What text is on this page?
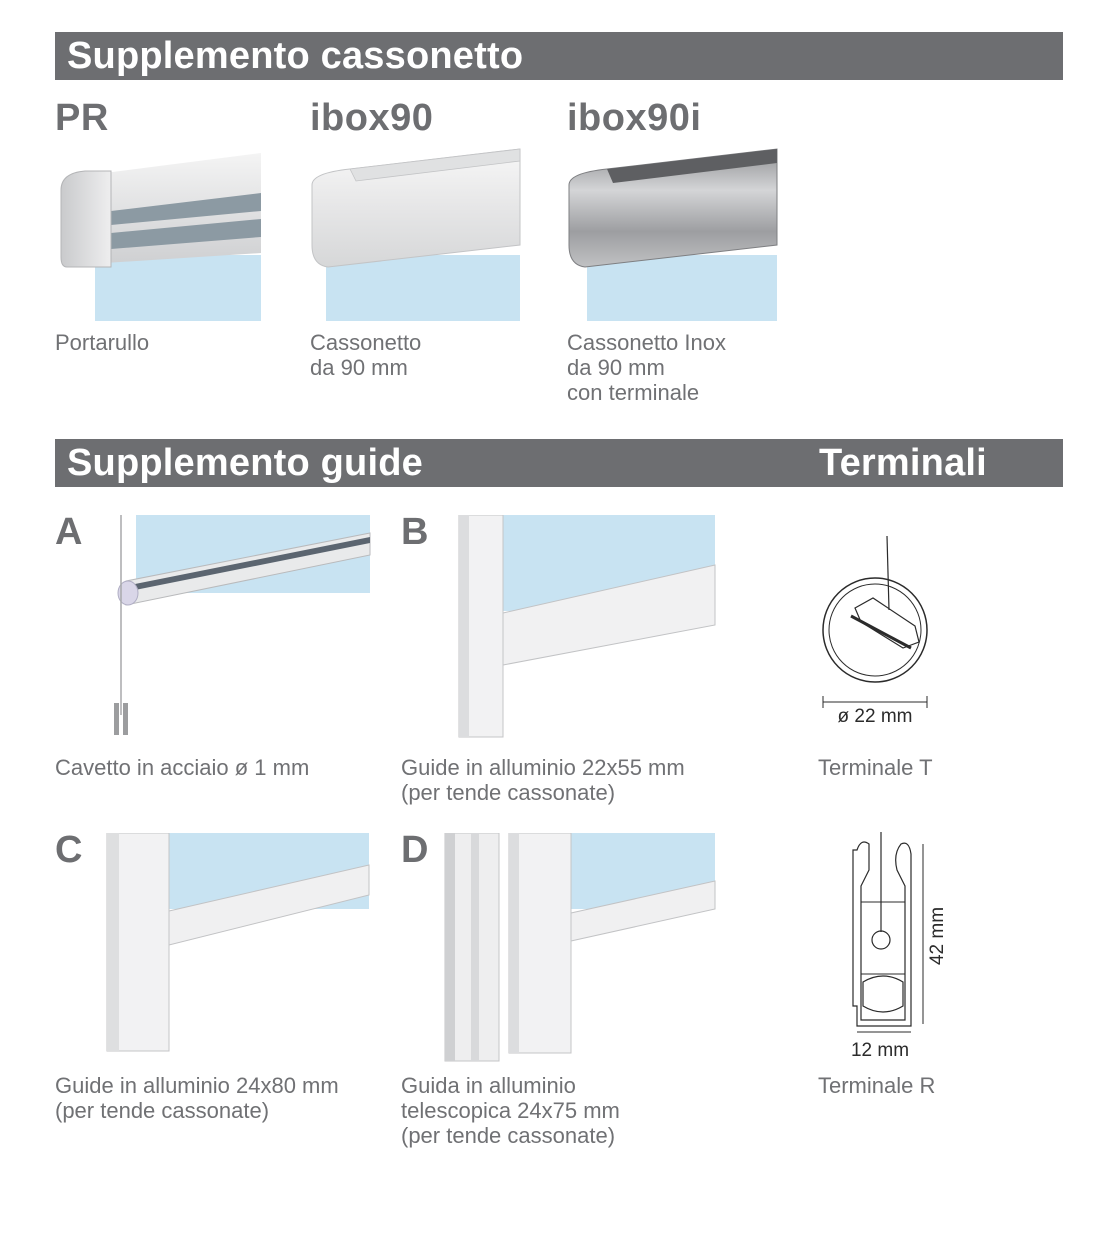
Supplemento cassonetto
PR	ibox90	ibox90i
Portarullo	Cassonetto
da 90 mm
Cassonetto Inox
da 90 mm
con terminale
Supplemento guide	Terminali
A	B
Cavetto in acciaio ø 1 mm	Guide in alluminio 22x55 mm
(per tende cassonate)
ø 22 mm
Terminale T
C	D
42 mm
12 mm
Guide in alluminio 24x80 mm
(per tende cassonate)
Guida in alluminio
telescopica 24x75 mm
(per tende cassonate)
Terminale R
